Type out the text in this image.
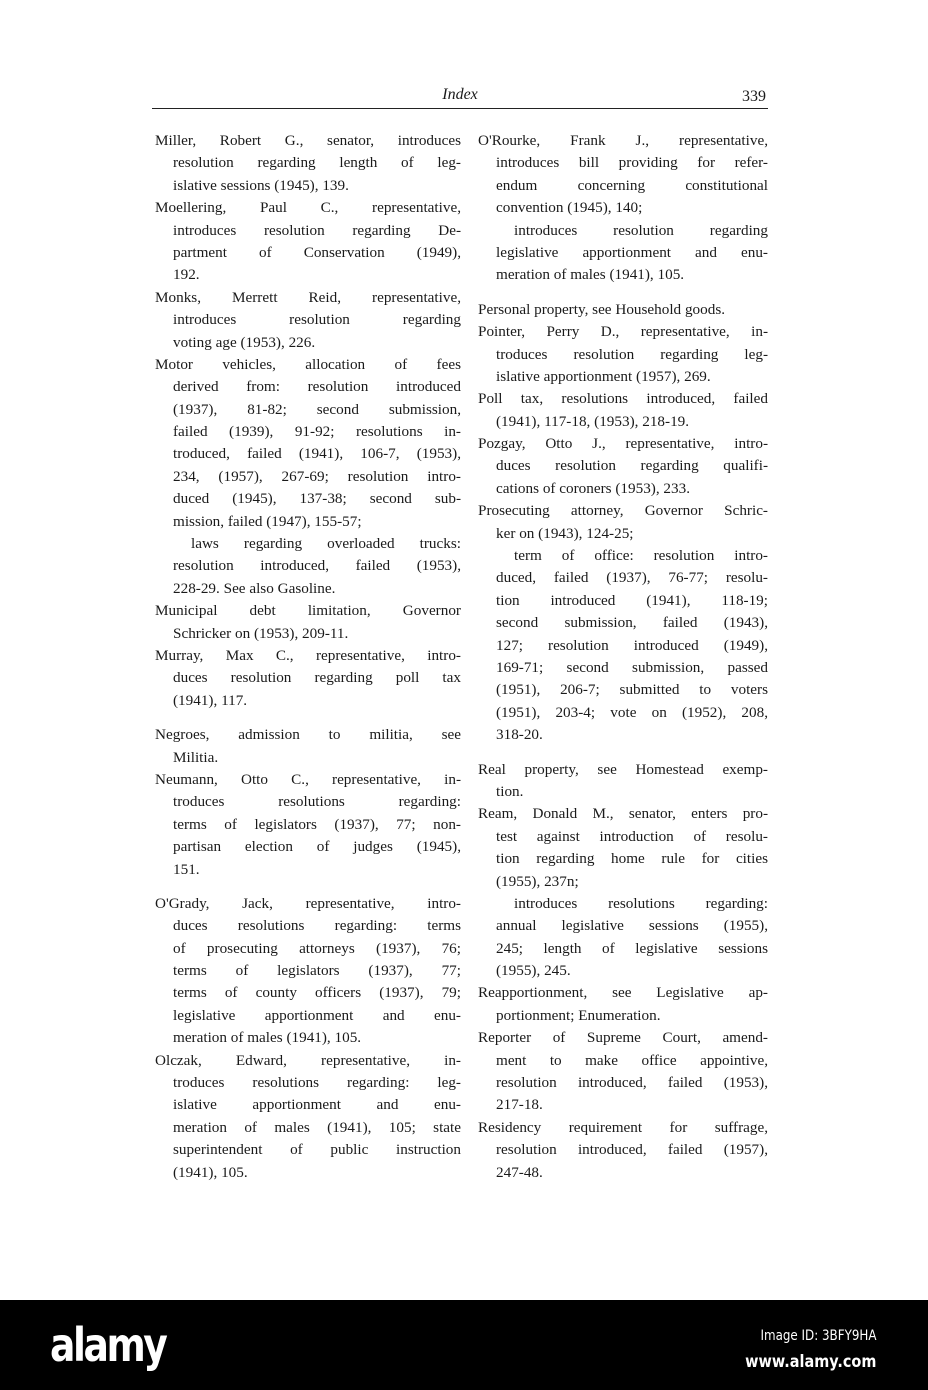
Index	339
Miller, Robert G., senator, introduces
resolution regarding length of leg-
islative sessions (1945), 139.
Moellering, Paul C., representative,
introduces resolution regarding De-
partment of Conservation (1949),
192.
Monks, Merrett Reid, representative,
introduces resolution regarding
voting age (1953), 226.
Motor vehicles, allocation of fees
derived from: resolution introduced
(1937), 81-82; second submission,
failed (1939), 91-92; resolutions in-
troduced, failed (1941), 106-7, (1953),
234, (1957), 267-69; resolution intro-
duced (1945), 137-38; second sub-
mission, failed (1947), 155-57;
laws regarding overloaded trucks:
resolution introduced, failed (1953),
228-29. See also Gasoline.
Municipal debt limitation, Governor
Schricker on (1953), 209-11.
Murray, Max C., representative, intro-
duces resolution regarding poll tax
(1941), 117.
Negroes, admission to militia, see
Militia.
Neumann, Otto C., representative, in-
troduces resolutions regarding:
terms of legislators (1937), 77; non-
partisan election of judges (1945),
151.
O'Grady, Jack, representative, intro-
duces resolutions regarding: terms
of prosecuting attorneys (1937), 76;
terms of legislators (1937), 77;
terms of county officers (1937), 79;
legislative apportionment and enu-
meration of males (1941), 105.
Olczak, Edward, representative, in-
troduces resolutions regarding: leg-
islative apportionment and enu-
meration of males (1941), 105; state
superintendent of public instruction
(1941), 105.
O'Rourke, Frank J., representative,
introduces bill providing for refer-
endum concerning constitutional
convention (1945), 140;
introduces resolution regarding
legislative apportionment and enu-
meration of males (1941), 105.
Personal property, see Household goods.
Pointer, Perry D., representative, in-
troduces resolution regarding leg-
islative apportionment (1957), 269.
Poll tax, resolutions introduced, failed
(1941), 117-18, (1953), 218-19.
Pozgay, Otto J., representative, intro-
duces resolution regarding qualifi-
cations of coroners (1953), 233.
Prosecuting attorney, Governor Schric-
ker on (1943), 124-25;
term of office: resolution intro-
duced, failed (1937), 76-77; resolu-
tion introduced (1941), 118-19;
second submission, failed (1943),
127; resolution introduced (1949),
169-71; second submission, passed
(1951), 206-7; submitted to voters
(1951), 203-4; vote on (1952), 208,
318-20.
Real property, see Homestead exemp-
tion.
Ream, Donald M., senator, enters pro-
test against introduction of resolu-
tion regarding home rule for cities
(1955), 237n;
introduces resolutions regarding:
annual legislative sessions (1955),
245; length of legislative sessions
(1955), 245.
Reapportionment, see Legislative ap-
portionment; Enumeration.
Reporter of Supreme Court, amend-
ment to make office appointive,
resolution introduced, failed (1953),
217-18.
Residency requirement for suffrage,
resolution introduced, failed (1957),
247-48.
alamy	Image ID: 3BFY9HA
www.alamy.com
